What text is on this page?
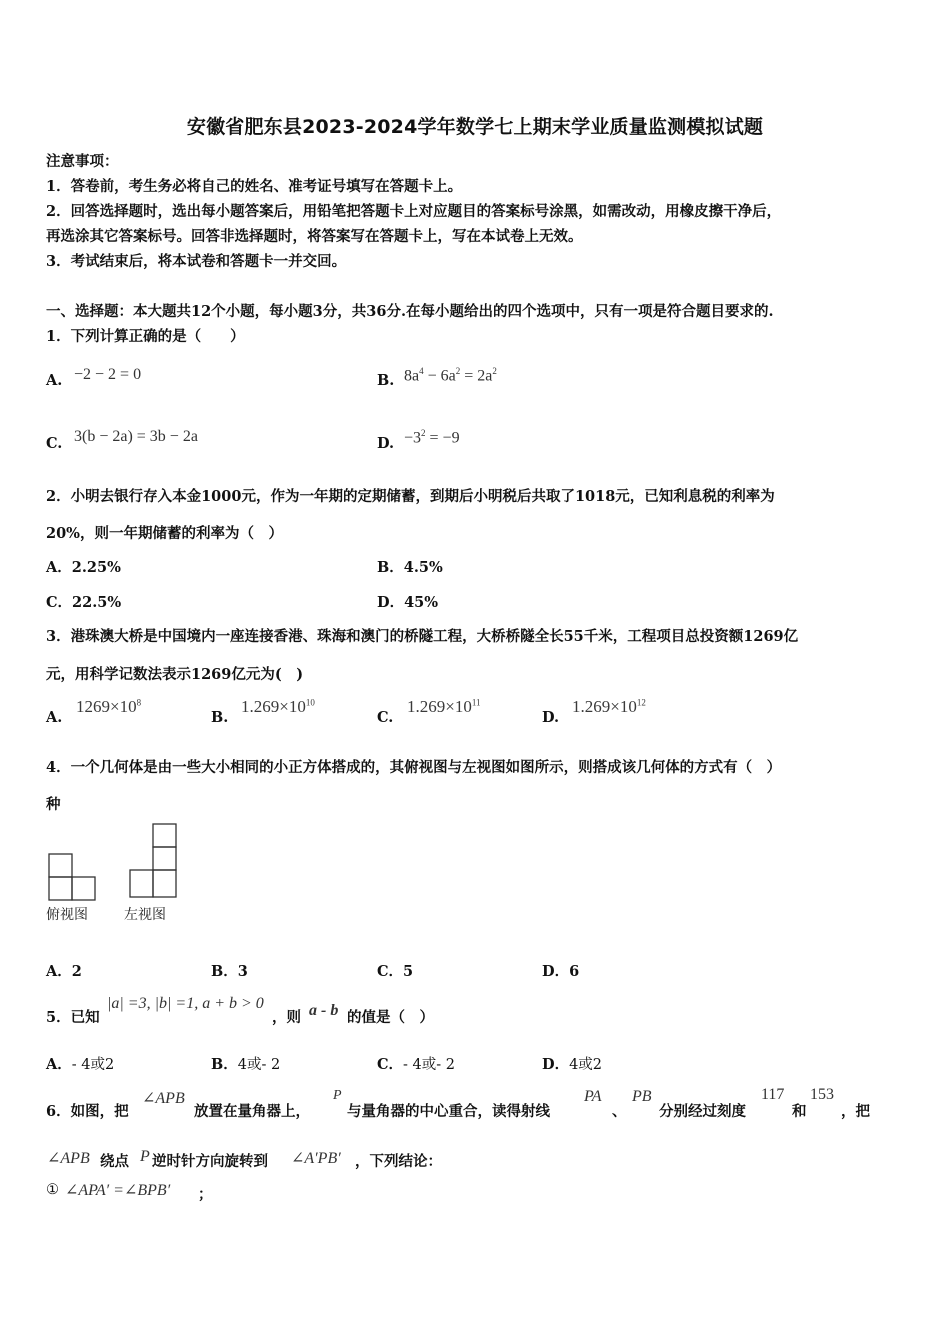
安徽省肥东县2023-2024学年数学七上期末学业质量监测模拟试题
注意事项：
1．答卷前，考生务必将自己的姓名、准考证号填写在答题卡上。
2．回答选择题时，选出每小题答案后，用铅笔把答题卡上对应题目的答案标号涂黑，如需改动，用橡皮擦干净后，
再选涂其它答案标号。回答非选择题时，将答案写在答题卡上，写在本试卷上无效。
3．考试结束后，将本试卷和答题卡一并交回。
一、选择题：本大题共12个小题，每小题3分，共36分.在每小题给出的四个选项中，只有一项是符合题目要求的.
1．下列计算正确的是（　　）
A. −2 − 2 = 0	B. $8a^4 - 6a^2 = 2a^2$
C. 3(b − 2a) = 3b − 2a	D. $-3^2 = -9$
2．小明去银行存入本金1000元，作为一年期的定期储蓄，到期后小明税后共取了1018元，已知利息税的利率为
20%，则一年期储蓄的利率为（　）
A．2.25%	B．4.5%
C．22.5%	D．45%
3．港珠澳大桥是中国境内一座连接香港、珠海和澳门的桥隧工程，大桥桥隧全长55千米，工程项目总投资额1269亿
元，用科学记数法表示1269亿元为(　)
A.
$1269\times 10^8$
B.
$1.269\times 10^{10}$
C.
$1.269\times 10^{11}$
D.
$1.269\times 10^{12}$
4．一个几何体是由一些大小相同的小正方体搭成的，其俯视图与左视图如图所示，则搭成该几何体的方式有（　）
种
俯视图	左视图
A．2	B．3	C．5	D．6
5．已知
|a| =3, |b| =1, a + b > 0
，则 a - b 的值是（　）
A．- 4或2	B．4或- 2	C．- 4或- 2	D．4或2
6．如图，把
∠APB
放置在量角器上，
P
与量角器的中心重合，读得射线
PA
、
PB
分别经过刻度
117
和
153
，把
∠APB 绕点 P 逆时针方向旋转到 ∠A′PB′ ，下列结论：
① ∠APA′ =∠BPB′ ；
